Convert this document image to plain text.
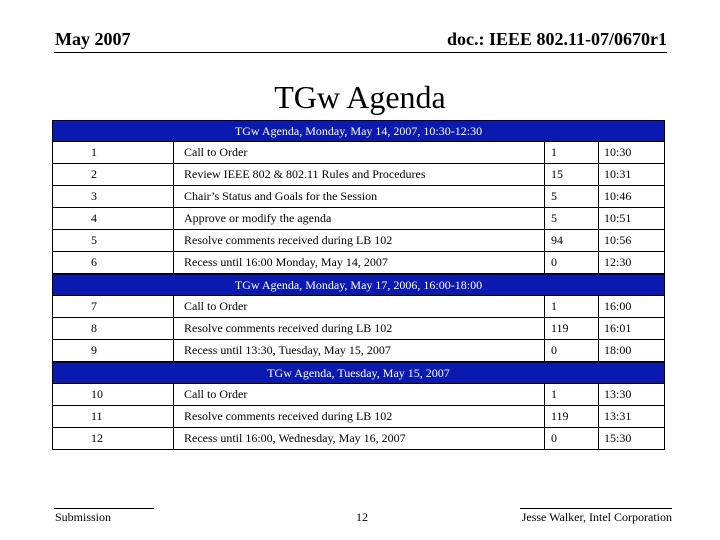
May 2007	doc.: IEEE 802.11-07/0670r1
TGw Agenda
TGw Agenda, Monday, May 14, 2007, 10:30-12:30
1	Call to Order	1	10:30
2	Review IEEE 802 & 802.11 Rules and Procedures	15	10:31
3	Chair’s Status and Goals for the Session	5	10:46
4	Approve or modify the agenda	5	10:51
5	Resolve comments received during LB 102	94	10:56
6	Recess until 16:00 Monday, May 14, 2007	0	12:30
TGw Agenda, Monday, May 17, 2006, 16:00-18:00
7	Call to Order	1	16:00
8	Resolve comments received during LB 102	119	16:01
9	Recess until 13:30, Tuesday, May 15, 2007	0	18:00
TGw Agenda, Tuesday, May 15, 2007
10	Call to Order	1	13:30
11	Resolve comments received during LB 102	119	13:31
12	Recess until 16:00, Wednesday, May 16, 2007	0	15:30
Submission	12	Jesse Walker, Intel Corporation
